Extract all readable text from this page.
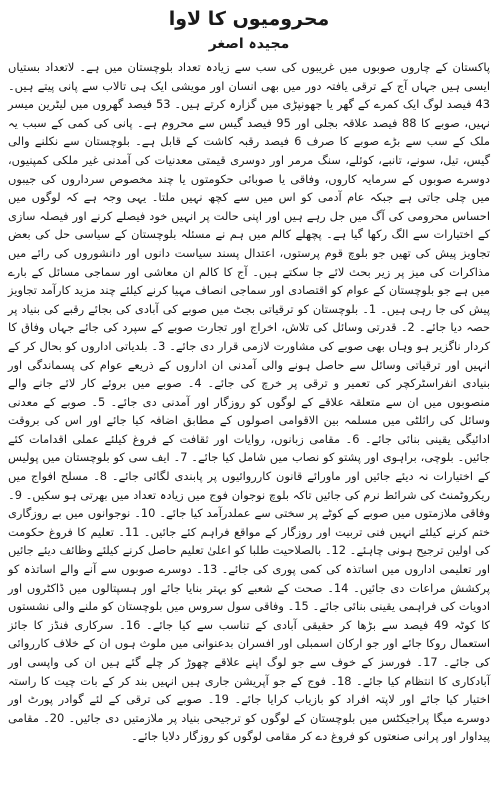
محرومیوں کا لاوا
مجیدہ اصغر

پاکستان کے چاروں صوبوں میں غریبوں کی سب سے زیادہ تعداد بلوچستان میں ہے۔ لاتعداد بستیاں ایسی ہیں جہاں آج کے ترقی یافتہ دور میں بھی انسان اور مویشی ایک ہی تالاب سے پانی پیتے ہیں۔ 43 فیصد لوگ ایک کمرے کے گھر یا جھونپڑی میں گزارہ کرتے ہیں۔ 53 فیصد گھروں میں لیٹرین میسر نہیں، صوبے کا 88 فیصد علاقہ بجلی اور 95 فیصد گیس سے محروم ہے۔ پانی کی کمی کے سبب یہ ملک کے سب سے بڑے صوبے کا صرف 6 فیصد رقبہ کاشت کے قابل ہے۔ بلوچستان سے نکلنے والی گیس، تیل، سونے، تانبے، کوئلے، سنگ مرمر اور دوسری قیمتی معدنیات کی آمدنی غیر ملکی کمپنیوں، دوسرے صوبوں کے سرمایہ کاروں، وفاقی یا صوبائی حکومتوں یا چند مخصوص سرداروں کی جیبوں میں چلی جاتی ہے جبکہ عام آدمی کو اس میں سے کچھ نہیں ملتا۔ یہی وجہ ہے کہ لوگوں میں احساس محرومی کی آگ میں جل رہے ہیں اور اپنی حالت پر انہیں خود فیصلے کرنے اور فیصلہ سازی کے اختیارات سے الگ رکھا گیا ہے۔ پچھلے کالم میں ہم نے مسئلہ بلوچستان کے سیاسی حل کی بعض تجاویز پیش کی تھیں جو بلوچ قوم پرستوں، اعتدال پسند سیاست دانوں اور دانشوروں کی رائے میں مذاکرات کی میز پر زیر بحث لائے جا سکتے ہیں۔ آج کا کالم ان معاشی اور سماجی مسائل کے بارے میں ہے جو بلوچستان کے عوام کو اقتصادی اور سماجی انصاف مہیا کرنے کیلئے چند مزید کارآمد تجاویز پیش کی جا رہی ہیں۔ 1۔ بلوچستان کو ترقیاتی بجٹ میں صوبے کی آبادی کی بجائے رقبے کی بنیاد پر حصہ دیا جائے۔ 2۔ قدرتی وسائل کی تلاش، اخراج اور تجارت صوبے کے سپرد کی جائے جہاں وفاق کا کردار ناگزیر ہو وہاں بھی صوبے کی مشاورت لازمی قرار دی جائے۔ 3۔ بلدیاتی اداروں کو بحال کر کے انہیں اور ترقیاتی وسائل سے حاصل ہونے والی آمدنی ان اداروں کے ذریعے عوام کی پسماندگی اور بنیادی انفراسٹرکچر کی تعمیر و ترقی پر خرچ کی جائے۔ 4۔ صوبے میں بروئے کار لائے جانے والے منصوبوں میں ان سے متعلقہ علاقے کے لوگوں کو روزگار اور آمدنی دی جائے۔ 5۔ صوبے کے معدنی وسائل کی رائلٹی میں مسلمہ بین الاقوامی اصولوں کے مطابق اضافہ کیا جائے اور اس کی بروقت ادائیگی یقینی بنائی جائے۔ 6۔ مقامی زبانوں، روایات اور ثقافت کے فروغ کیلئے عملی اقدامات کئے جائیں۔ بلوچی، براہوی اور پشتو کو نصاب میں شامل کیا جائے۔ 7۔ ایف سی کو بلوچستان میں پولیس کے اختیارات نہ دیئے جائیں اور ماورائے قانون کارروائیوں پر پابندی لگائی جائے۔ 8۔ مسلح افواج میں ریکروٹمنٹ کی شرائط نرم کی جائیں تاکہ بلوچ نوجوان فوج میں زیادہ تعداد میں بھرتی ہو سکیں۔ 9۔ وفاقی ملازمتوں میں صوبے کے کوٹے پر سختی سے عملدرآمد کیا جائے۔ 10۔ نوجوانوں میں بے روزگاری ختم کرنے کیلئے انہیں فنی تربیت اور روزگار کے مواقع فراہم کئے جائیں۔ 11۔ تعلیم کا فروغ حکومت کی اولین ترجیح ہونی چاہئے۔ 12۔ بالصلاحیت طلبا کو اعلیٰ تعلیم حاصل کرنے کیلئے وظائف دیئے جائیں اور تعلیمی اداروں میں اساتذہ کی کمی پوری کی جائے۔ 13۔ دوسرے صوبوں سے آنے والے اساتذہ کو پرکشش مراعات دی جائیں۔ 14۔ صحت کے شعبے کو بہتر بنایا جائے اور ہسپتالوں میں ڈاکٹروں اور ادویات کی فراہمی یقینی بنائی جائے۔ 15۔ وفاقی سول سروس میں بلوچستان کو ملنے والی نشستوں کا کوٹہ 49 فیصد سے بڑھا کر حقیقی آبادی کے تناسب سے کیا جائے۔ 16۔ سرکاری فنڈز کا جائز استعمال روکا جائے اور جو ارکان اسمبلی اور افسران بدعنوانی میں ملوث ہوں ان کے خلاف کارروائی کی جائے۔ 17۔ فورسز کے خوف سے جو لوگ اپنے علاقے چھوڑ کر چلے گئے ہیں ان کی واپسی اور آبادکاری کا انتظام کیا جائے۔ 18۔ فوج کے جو آپریشن جاری ہیں انہیں بند کر کے بات چیت کا راستہ اختیار کیا جائے اور لاپتہ افراد کو بازیاب کرایا جائے۔ 19۔ صوبے کی ترقی کے لئے گوادر پورٹ اور دوسرے میگا پراجیکٹس میں بلوچستان کے لوگوں کو ترجیحی بنیاد پر ملازمتیں دی جائیں۔ 20۔ مقامی پیداوار اور پرانی صنعتوں کو فروغ دے کر مقامی لوگوں کو روزگار دلایا جائے۔
